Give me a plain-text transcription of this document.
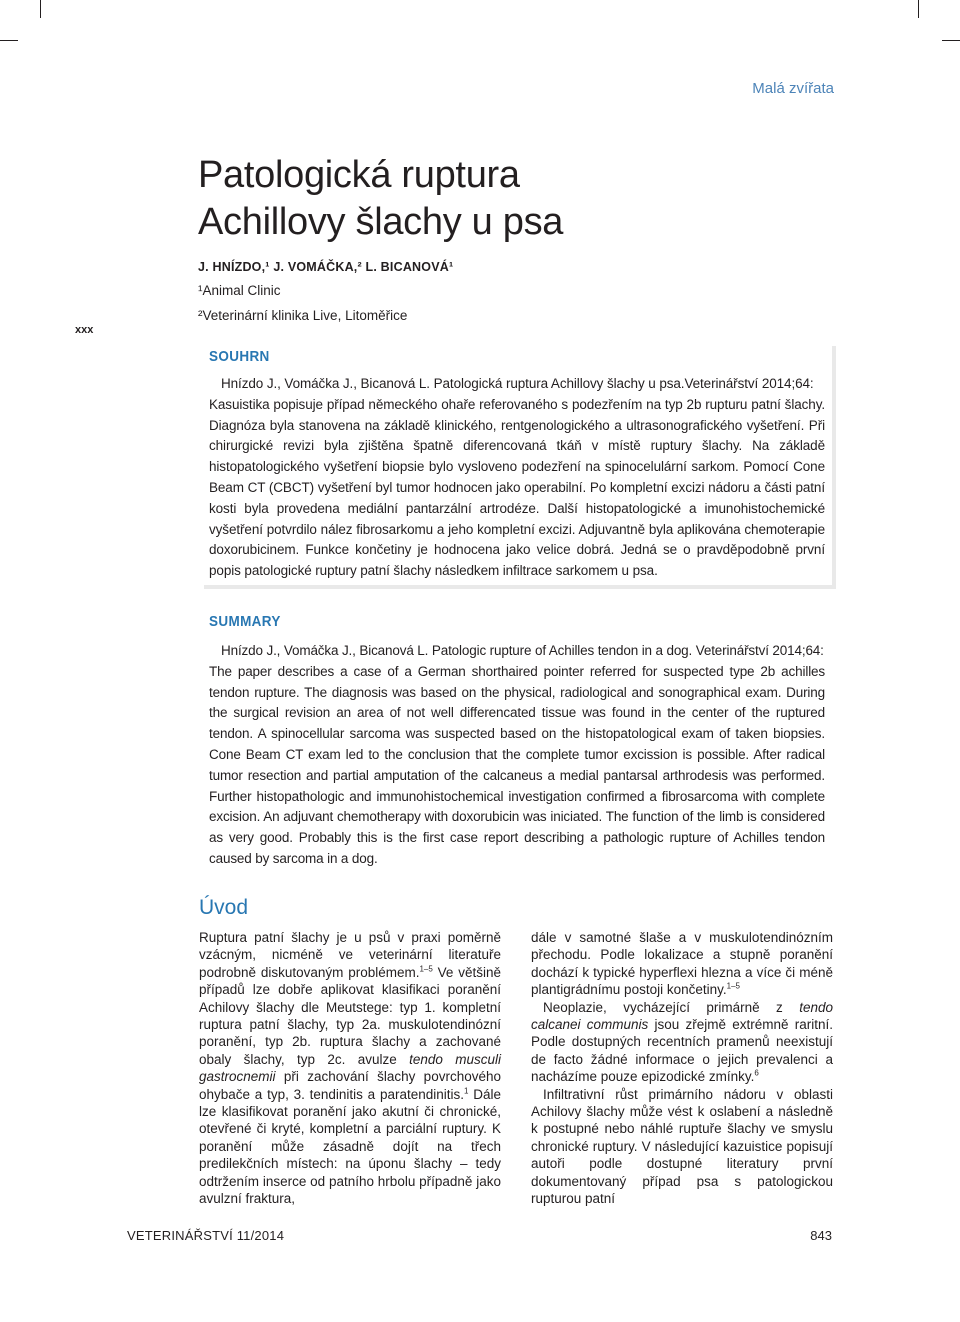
Malá zvířata
Patologická ruptura
Achillovy šlachy u psa
J. HNÍZDO,¹ J. VOMÁČKA,² L. BICANOVÁ¹
¹Animal Clinic
²Veterinární klinika Live, Litoměřice
xxx
SOUHRN

Hnízdo J., Vomáčka J., Bicanová L. Patologická ruptura Achillovy šlachy u psa.Veterinářství 2014;64:

Kasuistika popisuje případ německého ohaře referovaného s podezřením na typ 2b rupturu patní šlachy. Diagnóza byla stanovena na základě klinického, rentgenologického a ultrasonografického vyšetření. Při chirurgické revizi byla zjištěna špatně diferencovaná tkáň v místě ruptury šlachy. Na základě histopatologického vyšetření biopsie bylo vysloveno podezření na spinocelulární sarkom. Pomocí Cone Beam CT (CBCT) vyšetření byl tumor hodnocen jako operabilní. Po kompletní excizi nádoru a části patní kosti byla provedena mediální pantarzální artrodéze. Další histopatologické a imunohistochemické vyšetření potvrdilo nález fibrosarkomu a jeho kompletní excizi. Adjuvantně byla aplikována chemoterapie doxorubicinem. Funkce končetiny je hodnocena jako velice dobrá. Jedná se o pravděpodobně první popis patologické ruptury patní šlachy následkem infiltrace sarkomem u psa.

SUMMARY

Hnízdo J., Vomáčka J., Bicanová L. Patologic rupture of Achilles tendon in a dog. Veterinářství 2014;64:

The paper describes a case of a German shorthaired pointer referred for suspected type 2b achilles tendon rupture. The diagnosis was based on the physical, radiological and sonographical exam. During the surgical revision an area of not well differencated tissue was found in the center of the ruptured tendon. A spinocellular sarcoma was suspected based on the histopatological exam of taken biopsies. Cone Beam CT exam led to the conclusion that the complete tumor excission is possible. After radical tumor resection and partial amputation of the calcaneus a medial pantarsal arthrodesis was performed. Further histopathologic and immunohistochemical investigation confirmed a fibrosarcoma with complete excision. An adjuvant chemotherapy with doxorubicin was iniciated. The function of the limb is considered as very good. Probably this is the first case report describing a pathologic rupture of Achilles tendon caused by sarcoma in a dog.

Úvod

Ruptura patní šlachy je u psů v praxi poměrně vzácným, nicméně ve veterinární literatuře podrobně diskutovaným problémem.$^{1-5}$ Ve většině případů lze dobře aplikovat klasifikaci poranění Achilovy šlachy dle Meutstege: typ 1. kompletní ruptura patní šlachy, typ 2a. muskulotendinózní poranění, typ 2b. ruptura šlachy a zachované obaly šlachy, typ 2c. avulze tendo musculi gastrocnemii při zachování šlachy povrchového ohybače a typ, 3. tendinitis a paratendinitis.$^1$ Dále lze klasifikovat poranění jako akutní či chronické, otevřené či kryté, kompletní a parciální ruptury. K poranění může zásadně dojít na třech predilekčních místech: na úponu šlachy – tedy odtržením inserce od patního hrbolu případně jako avulzní fraktura,

dále v samotné šlaše a v muskulotendinózním přechodu. Podle lokalizace a stupně poranění dochází k typické hyperflexi hlezna a více či méně plantigrádnímu postoji končetiny.$^{1-5}$

Neoplazie, vycházející primárně z tendo calcanei communis jsou zřejmě extrémně raritní. Podle dostupných recentních pramenů neexistují de facto žádné informace o jejich prevalenci a nacházíme pouze epizodické zmínky.$^6$

Infiltrativní růst primárního nádoru v oblasti Achilovy šlachy může vést k oslabení a následně k postupné nebo náhlé ruptuře šlachy ve smyslu chronické ruptury. V následující kazuistice popisují autoři podle dostupné literatury první dokumentovaný případ psa s patologickou rupturou patní

VETERINÁŘSTVÍ 11/2014	843
